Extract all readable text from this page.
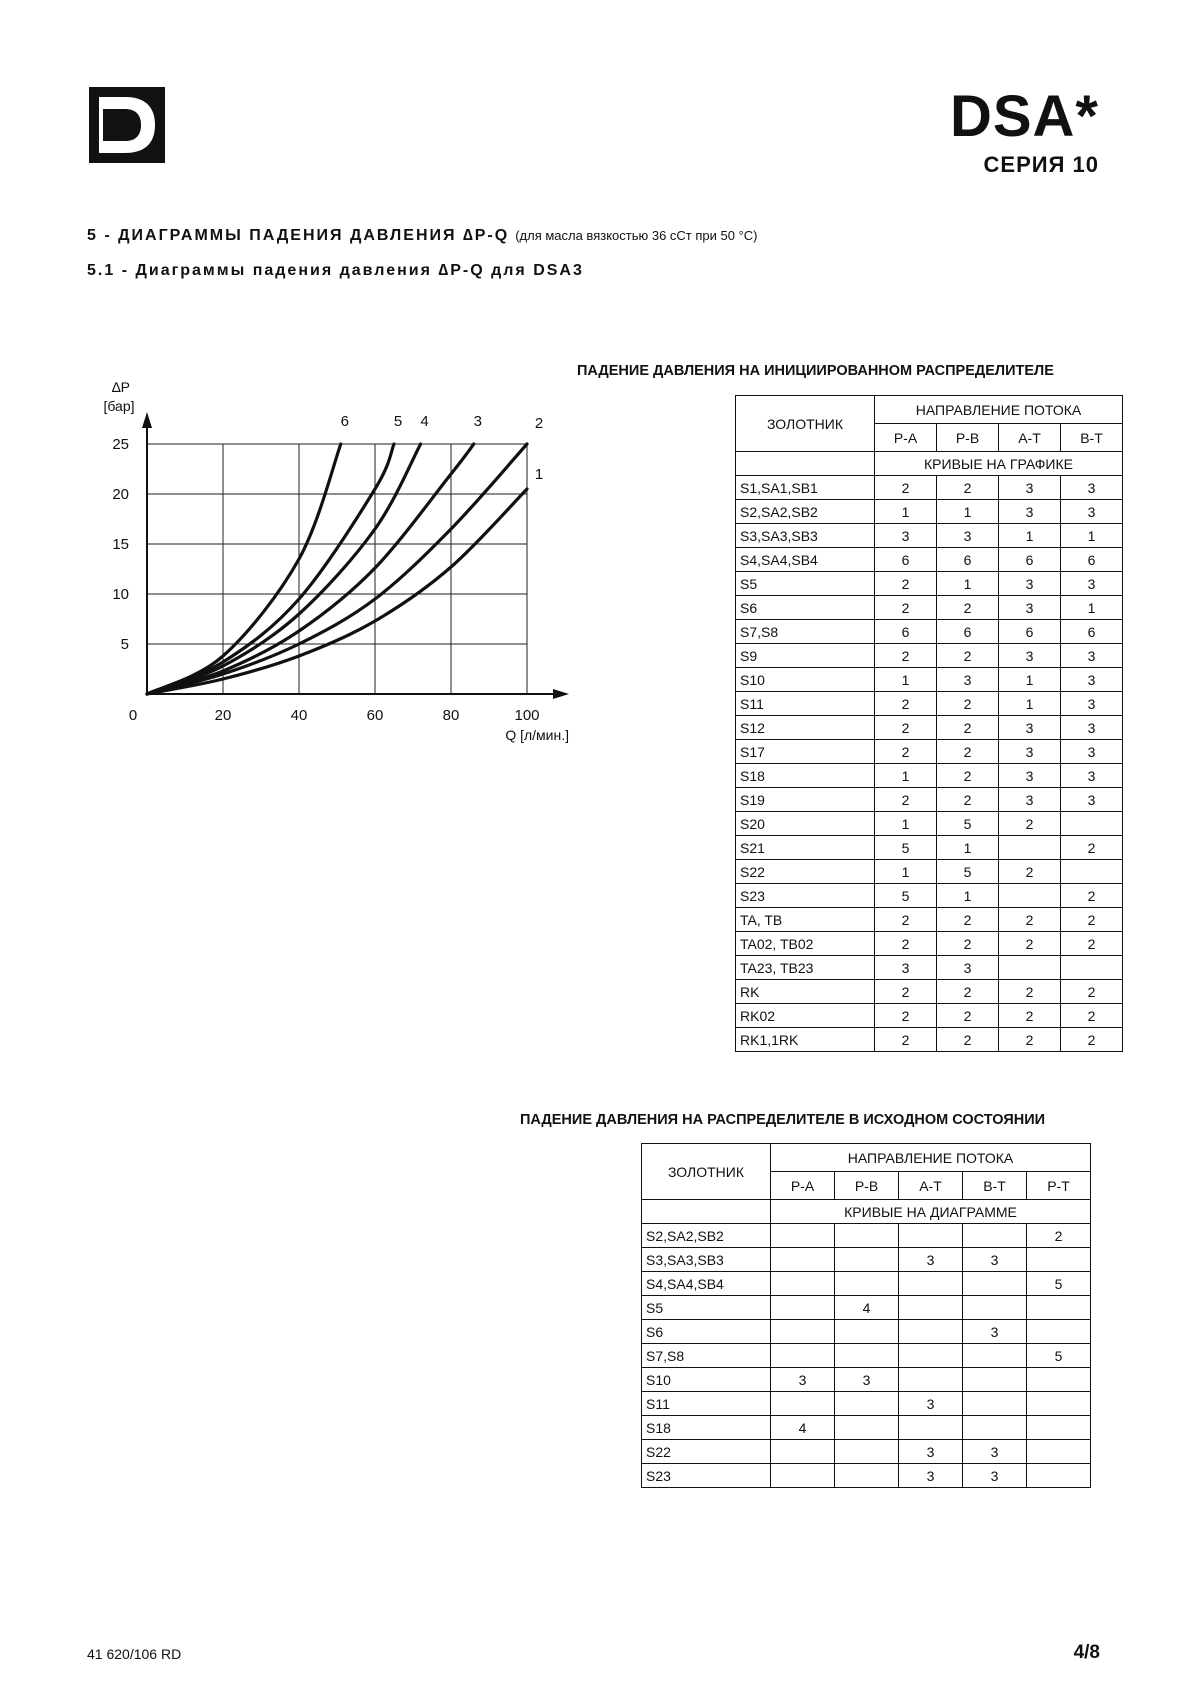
DSA*
СЕРИЯ 10
5 - ДИАГРАММЫ ПАДЕНИЯ ДАВЛЕНИЯ ∆P-Q (для масла вязкостью 36 сСт при 50 °С)
5.1 - Диаграммы падения давления ∆P-Q для DSA3
0	20	40	60	80	100
5
10
15
20
25
1
2
3
4
5
6
∆P
[бар]
Q [л/мин.]
ПАДЕНИЕ ДАВЛЕНИЯ НА ИНИЦИИРОВАННОМ РАСПРЕДЕЛИТЕЛЕ
ЗОЛОТНИК	НАПРАВЛЕНИЕ ПОТОКА			
	P-A	P-B	A-T	B-T
	КРИВЫЕ НА ГРАФИКЕ			
S1,SA1,SB1	2	2	3	3
S2,SA2,SB2	1	1	3	3
S3,SA3,SB3	3	3	1	1
S4,SA4,SB4	6	6	6	6
S5	2	1	3	3
S6	2	2	3	1
S7,S8	6	6	6	6
S9	2	2	3	3
S10	1	3	1	3
S11	2	2	1	3
S12	2	2	3	3
S17	2	2	3	3
S18	1	2	3	3
S19	2	2	3	3
S20	1	5	2	
S21	5	1		2
S22	1	5	2	
S23	5	1		2
TA, TB	2	2	2	2
TA02, TB02	2	2	2	2
TA23, TB23	3	3		
RK	2	2	2	2
RK02	2	2	2	2
RK1,1RK	2	2	2	2
ПАДЕНИЕ ДАВЛЕНИЯ НА РАСПРЕДЕЛИТЕЛЕ В ИСХОДНОМ СОСТОЯНИИ
ЗОЛОТНИК	НАПРАВЛЕНИЕ ПОТОКА				
	P-A	P-B	A-T	B-T	P-T
	КРИВЫЕ НА ДИАГРАММЕ				
S2,SA2,SB2					2
S3,SA3,SB3			3	3	
S4,SA4,SB4					5
S5		4			
S6				3	
S7,S8					5
S10	3	3			
S11			3		
S18	4				
S22			3	3	
S23			3	3	
41 620/106 RD	4/8
